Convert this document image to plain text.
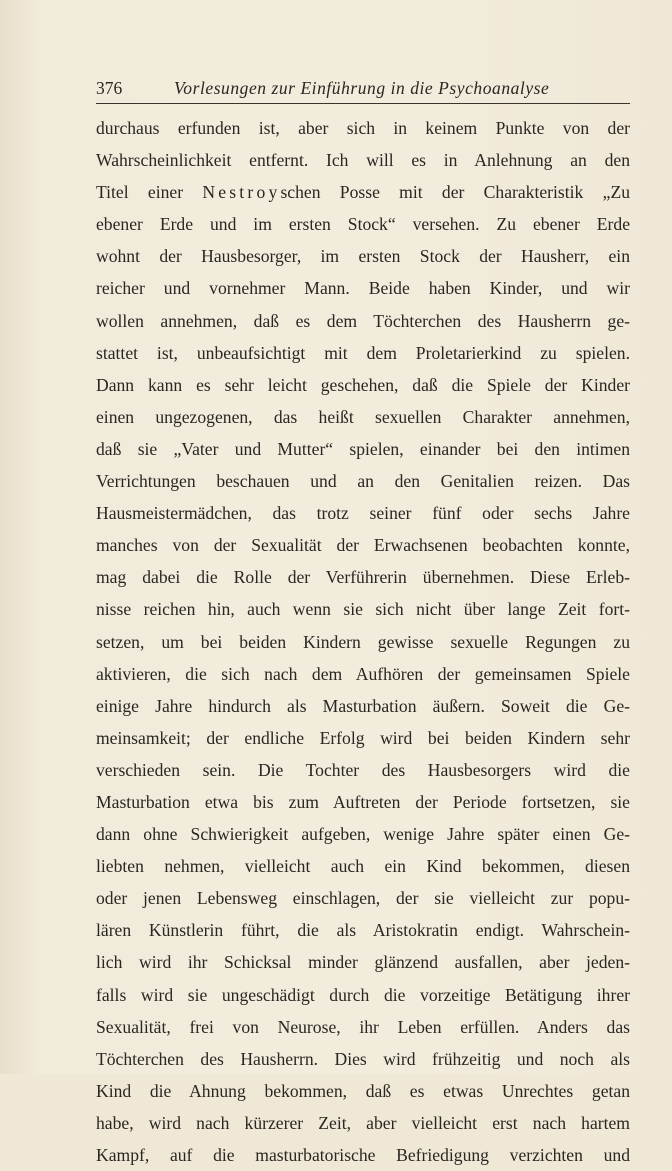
376	Vorlesungen zur Einführung in die Psychoanalyse
durchaus erfunden ist, aber sich in keinem Punkte von der
Wahrscheinlichkeit entfernt. Ich will es in Anlehnung an den
Titel einer Nestroyschen Posse mit der Charakteristik „Zu
ebener Erde und im ersten Stock“ versehen. Zu ebener Erde
wohnt der Hausbesorger, im ersten Stock der Hausherr, ein
reicher und vornehmer Mann. Beide haben Kinder, und wir
wollen annehmen, daß es dem Töchterchen des Hausherrn ge-
stattet ist, unbeaufsichtigt mit dem Proletarierkind zu spielen.
Dann kann es sehr leicht geschehen, daß die Spiele der Kinder
einen ungezogenen, das heißt sexuellen Charakter annehmen,
daß sie „Vater und Mutter“ spielen, einander bei den intimen
Verrichtungen beschauen und an den Genitalien reizen. Das
Hausmeistermädchen, das trotz seiner fünf oder sechs Jahre
manches von der Sexualität der Erwachsenen beobachten konnte,
mag dabei die Rolle der Verführerin übernehmen. Diese Erleb-
nisse reichen hin, auch wenn sie sich nicht über lange Zeit fort-
setzen, um bei beiden Kindern gewisse sexuelle Regungen zu
aktivieren, die sich nach dem Aufhören der gemeinsamen Spiele
einige Jahre hindurch als Masturbation äußern. Soweit die Ge-
meinsamkeit; der endliche Erfolg wird bei beiden Kindern sehr
verschieden sein. Die Tochter des Hausbesorgers wird die
Masturbation etwa bis zum Auftreten der Periode fortsetzen, sie
dann ohne Schwierigkeit aufgeben, wenige Jahre später einen Ge-
liebten nehmen, vielleicht auch ein Kind bekommen, diesen
oder jenen Lebensweg einschlagen, der sie vielleicht zur popu-
lären Künstlerin führt, die als Aristokratin endigt. Wahrschein-
lich wird ihr Schicksal minder glänzend ausfallen, aber jeden-
falls wird sie ungeschädigt durch die vorzeitige Betätigung ihrer
Sexualität, frei von Neurose, ihr Leben erfüllen. Anders das
Töchterchen des Hausherrn. Dies wird frühzeitig und noch als
Kind die Ahnung bekommen, daß es etwas Unrechtes getan
habe, wird nach kürzerer Zeit, aber vielleicht erst nach hartem
Kampf, auf die masturbatorische Befriedigung verzichten und
